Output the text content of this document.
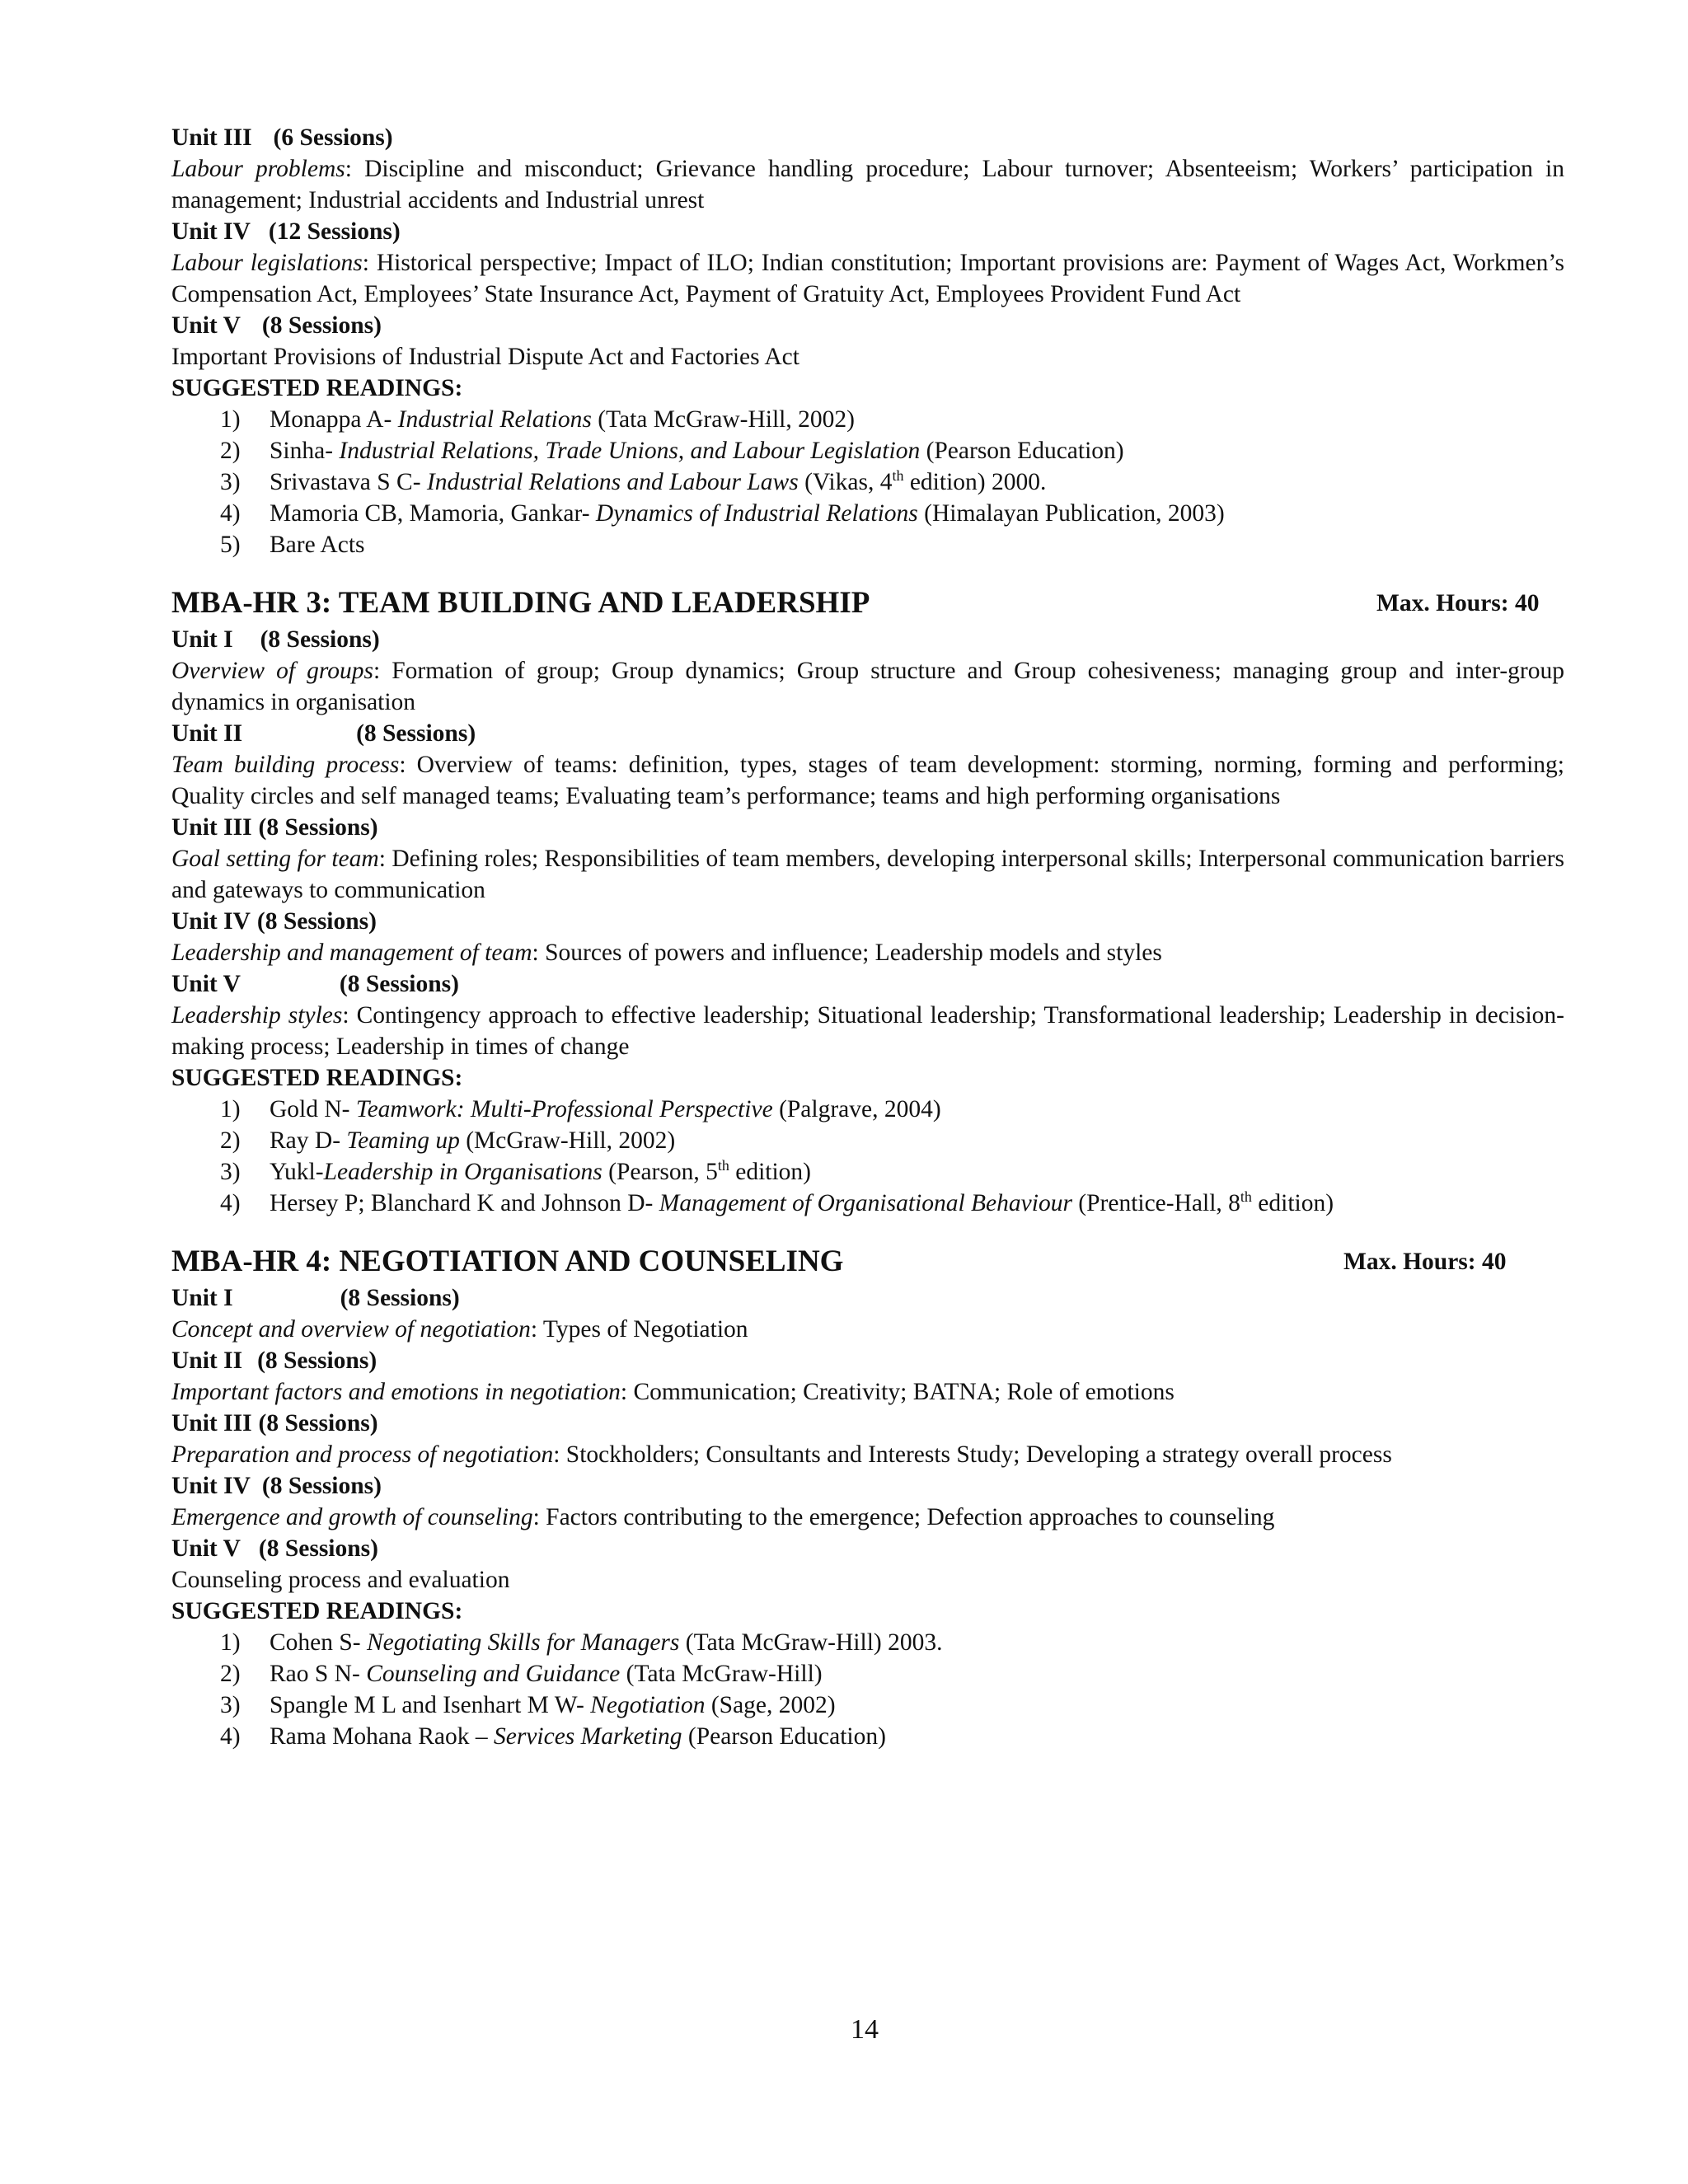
Unit III (6 Sessions)
Labour problems: Discipline and misconduct; Grievance handling procedure; Labour turnover; Absenteeism; Workers’ participation in management; Industrial accidents and Industrial unrest
Unit IV (12 Sessions)
Labour legislations: Historical perspective; Impact of ILO; Indian constitution; Important provisions are: Payment of Wages Act, Workmen’s Compensation Act, Employees’ State Insurance Act, Payment of Gratuity Act, Employees Provident Fund Act
Unit V (8 Sessions)
Important Provisions of Industrial Dispute Act and Factories Act
SUGGESTED READINGS:
1) Monappa A- Industrial Relations (Tata McGraw-Hill, 2002)
2) Sinha- Industrial Relations, Trade Unions, and Labour Legislation (Pearson Education)
3) Srivastava S C- Industrial Relations and Labour Laws (Vikas, 4th edition) 2000.
4) Mamoria CB, Mamoria, Gankar- Dynamics of Industrial Relations (Himalayan Publication, 2003)
5) Bare Acts
MBA-HR 3: TEAM BUILDING AND LEADERSHIP	Max. Hours: 40
Unit I (8 Sessions)
Overview of groups: Formation of group; Group dynamics; Group structure and Group cohesiveness; managing group and inter-group dynamics in organisation
Unit II	(8 Sessions)
Team building process: Overview of teams: definition, types, stages of team development: storming, norming, forming and performing; Quality circles and self managed teams; Evaluating team’s performance; teams and high performing organisations
Unit III (8 Sessions)
Goal setting for team: Defining roles; Responsibilities of team members, developing interpersonal skills; Interpersonal communication barriers and gateways to communication
Unit IV (8 Sessions)
Leadership and management of team: Sources of powers and influence; Leadership models and styles
Unit V	(8 Sessions)
Leadership styles: Contingency approach to effective leadership; Situational leadership; Transformational leadership; Leadership in decision-making process; Leadership in times of change
SUGGESTED READINGS:
1) Gold N- Teamwork: Multi-Professional Perspective (Palgrave, 2004)
2) Ray D- Teaming up (McGraw-Hill, 2002)
3) Yukl-Leadership in Organisations (Pearson, 5th edition)
4) Hersey P; Blanchard K and Johnson D- Management of Organisational Behaviour (Prentice-Hall, 8th edition)
MBA-HR 4: NEGOTIATION AND COUNSELING	Max. Hours: 40
Unit I	(8 Sessions)
Concept and overview of negotiation: Types of Negotiation
Unit II (8 Sessions)
Important factors and emotions in negotiation: Communication; Creativity; BATNA; Role of emotions
Unit III (8 Sessions)
Preparation and process of negotiation: Stockholders; Consultants and Interests Study; Developing a strategy overall process
Unit IV (8 Sessions)
Emergence and growth of counseling: Factors contributing to the emergence; Defection approaches to counseling
Unit V (8 Sessions)
Counseling process and evaluation
SUGGESTED READINGS:
1) Cohen S- Negotiating Skills for Managers (Tata McGraw-Hill) 2003.
2) Rao S N- Counseling and Guidance (Tata McGraw-Hill)
3) Spangle M L and Isenhart M W- Negotiation (Sage, 2002)
4) Rama Mohana Raok – Services Marketing (Pearson Education)
14
